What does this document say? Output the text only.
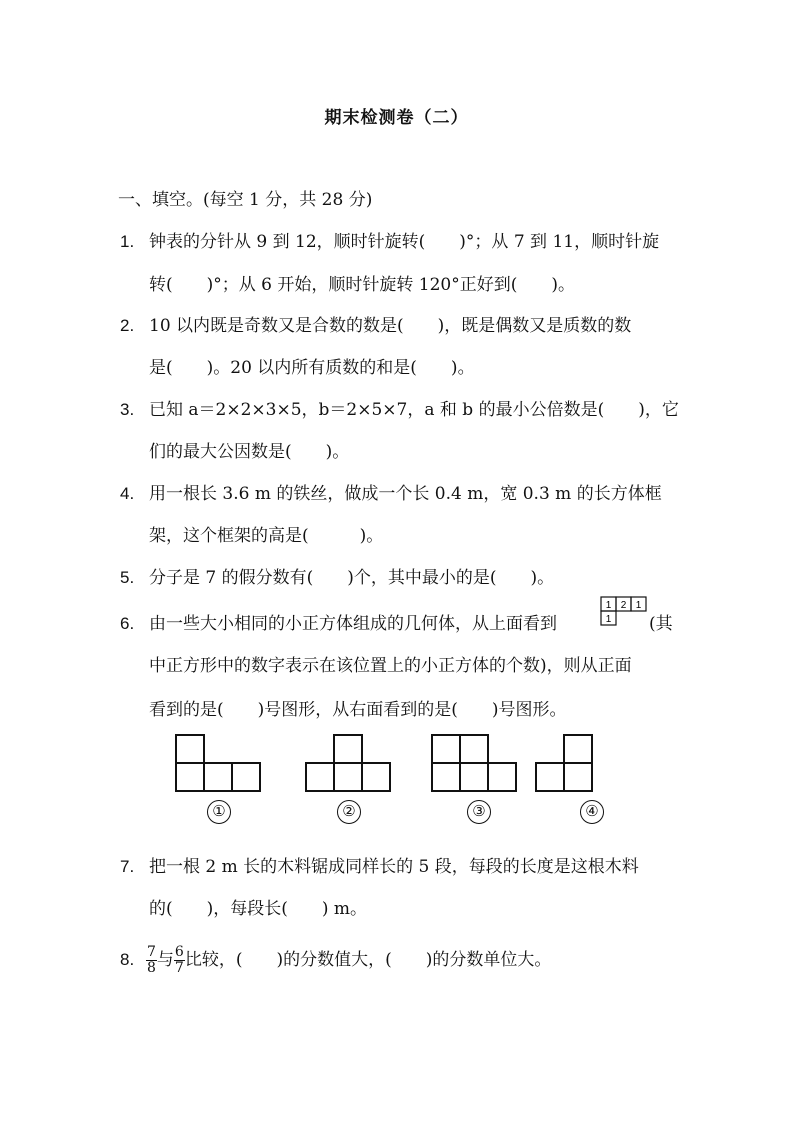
期末检测卷（二）
一、填空。(每空 1 分，共 28 分)
1. 钟表的分针从 9 到 12，顺时针旋转(　　)°；从 7 到 11，顺时针旋
转(　　)°；从 6 开始，顺时针旋转 120°正好到(　　)。
2. 10 以内既是奇数又是合数的数是(　　)，既是偶数又是质数的数
是(　　)。20 以内所有质数的和是(　　)。
3. 已知 a＝2×2×3×5，b＝2×5×7，a 和 b 的最小公倍数是(　　)，它
们的最大公因数是(　　)。
4. 用一根长 3.6 m 的铁丝，做成一个长 0.4 m，宽 0.3 m 的长方体框
架，这个框架的高是(　　　)。
5. 分子是 7 的假分数有(　　)个，其中最小的是(　　)。
6. 由一些大小相同的小正方体组成的几何体，从上面看到
1 2 1
1 (其
中正方形中的数字表示在该位置上的小正方体的个数)，则从正面
看到的是(　　)号图形，从右面看到的是(　　)号图形。
①	②	③	④
7. 把一根 2 m 长的木料锯成同样长的 5 段，每段的长度是这根木料
的(　　)，每段长(　　) m。
8. $\frac{7}{8}$ 与 $\frac{6}{7}$ 比较，(　　)的分数值大，(　　)的分数单位大。
